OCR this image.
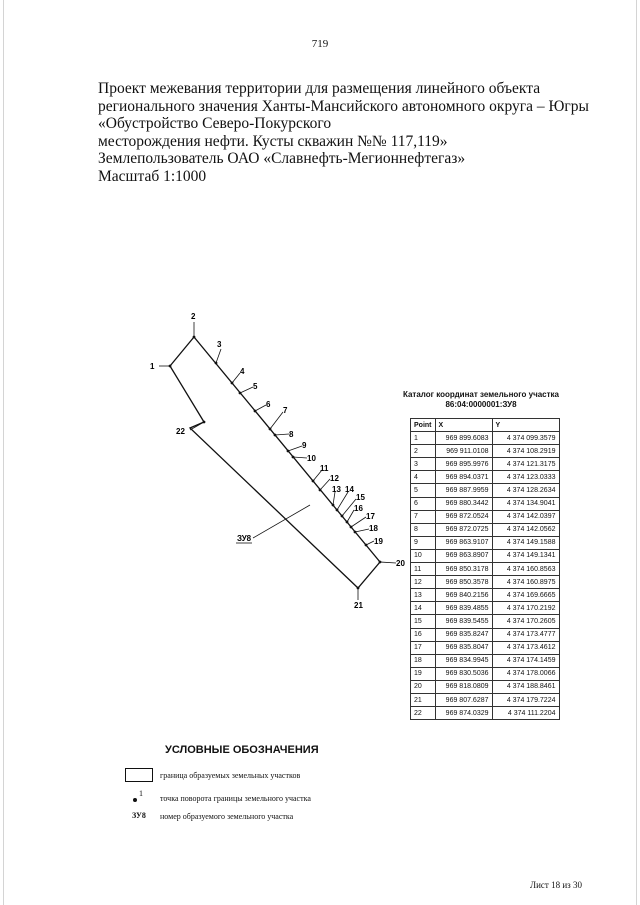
719
Проект межевания территории для размещения линейного объекта
регионального значения Ханты-Мансийского автономного округа – Югры
«Обустройство Северо-Покурского
месторождения нефти. Кусты скважин №№ 117,119»
Землепользователь ОАО «Славнефть-Мегионнефтегаз»
Масштаб 1:1000
ЗУ8
1
2
3
4
5
6
7
8
9
10
11
12
13 14
15
16
17
18
19
20
21
22
Каталог координат земельного участка
86:04:0000001:ЗУ8
Point	X	Y
1	969 899.6083	4 374 099.3579
2	969 911.0108	4 374 108.2919
3	969 895.9976	4 374 121.3175
4	969 894.0371	4 374 123.0333
5	969 887.9959	4 374 128.2634
6	969 880.3442	4 374 134.9041
7	969 872.0524	4 374 142.0397
8	969 872.0725	4 374 142.0562
9	969 863.9107	4 374 149.1588
10	969 863.8907	4 374 149.1341
11	969 850.3178	4 374 160.8563
12	969 850.3578	4 374 160.8975
13	969 840.2156	4 374 169.6665
14	969 839.4855	4 374 170.2192
15	969 839.5455	4 374 170.2605
16	969 835.8247	4 374 173.4777
17	969 835.8047	4 374 173.4612
18	969 834.9945	4 374 174.1459
19	969 830.5036	4 374 178.0066
20	969 818.0809	4 374 188.8461
21	969 807.6287	4 374 179.7224
22	969 874.0329	4 374 111.2204
УСЛОВНЫЕ ОБОЗНАЧЕНИЯ
граница образуемых земельных участков
1
точка поворота границы земельного участка
ЗУ8 номер образуемого земельного участка
Лист 18 из 30
